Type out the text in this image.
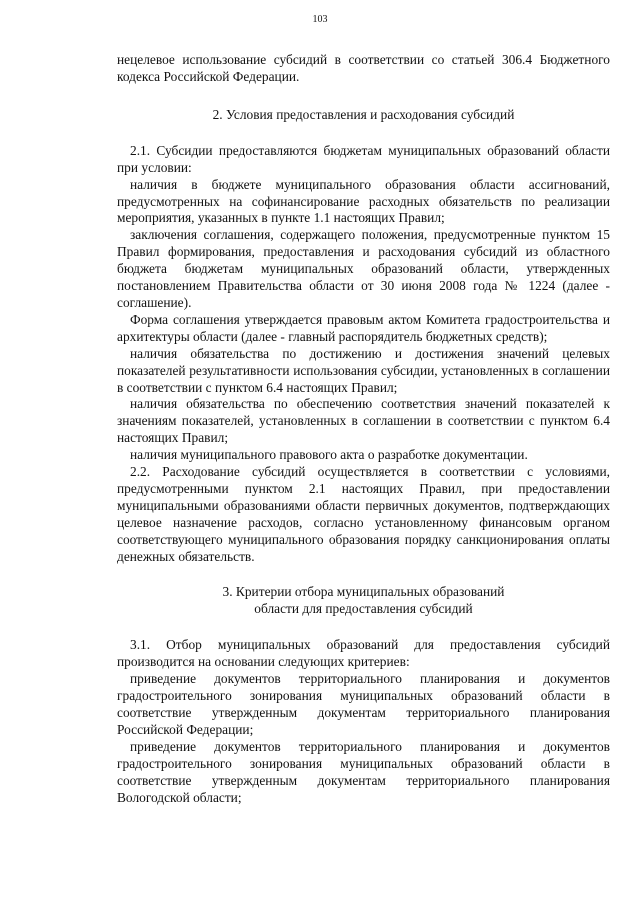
103

нецелевое использование субсидий в соответствии со статьей 306.4 Бюджетного кодекса Российской Федерации.

2. Условия предоставления и расходования субсидий

2.1. Субсидии предоставляются бюджетам муниципальных образований области при условии:

наличия в бюджете муниципального образования области ассигнований, предусмотренных на софинансирование расходных обязательств по реализации мероприятия, указанных в пункте 1.1 настоящих Правил;

заключения соглашения, содержащего положения, предусмотренные пунктом 15 Правил формирования, предоставления и расходования субсидий из областного бюджета бюджетам муниципальных образований области, утвержденных постановлением Правительства области от 30 июня 2008 года № 1224 (далее - соглашение).

Форма соглашения утверждается правовым актом Комитета градостроительства и архитектуры области (далее - главный распорядитель бюджетных средств);

наличия обязательства по достижению и достижения значений целевых показателей результативности использования субсидии, установленных в соглашении в соответствии с пунктом 6.4 настоящих Правил;

наличия обязательства по обеспечению соответствия значений показателей к значениям показателей, установленных в соглашении в соответствии с пунктом 6.4 настоящих Правил;

наличия муниципального правового акта о разработке документации.

2.2. Расходование субсидий осуществляется в соответствии с условиями, предусмотренными пунктом 2.1 настоящих Правил, при предоставлении муниципальными образованиями области первичных документов, подтверждающих целевое назначение расходов, согласно установленному финансовым органом соответствующего муниципального образования порядку санкционирования оплаты денежных обязательств.

3. Критерии отбора муниципальных образований
области для предоставления субсидий

3.1. Отбор муниципальных образований для предоставления субсидий производится на основании следующих критериев:

приведение документов территориального планирования и документов градостроительного зонирования муниципальных образований области в соответствие утвержденным документам территориального планирования Российской Федерации;

приведение документов территориального планирования и документов градостроительного зонирования муниципальных образований области в соответствие утвержденным документам территориального планирования Вологодской области;
